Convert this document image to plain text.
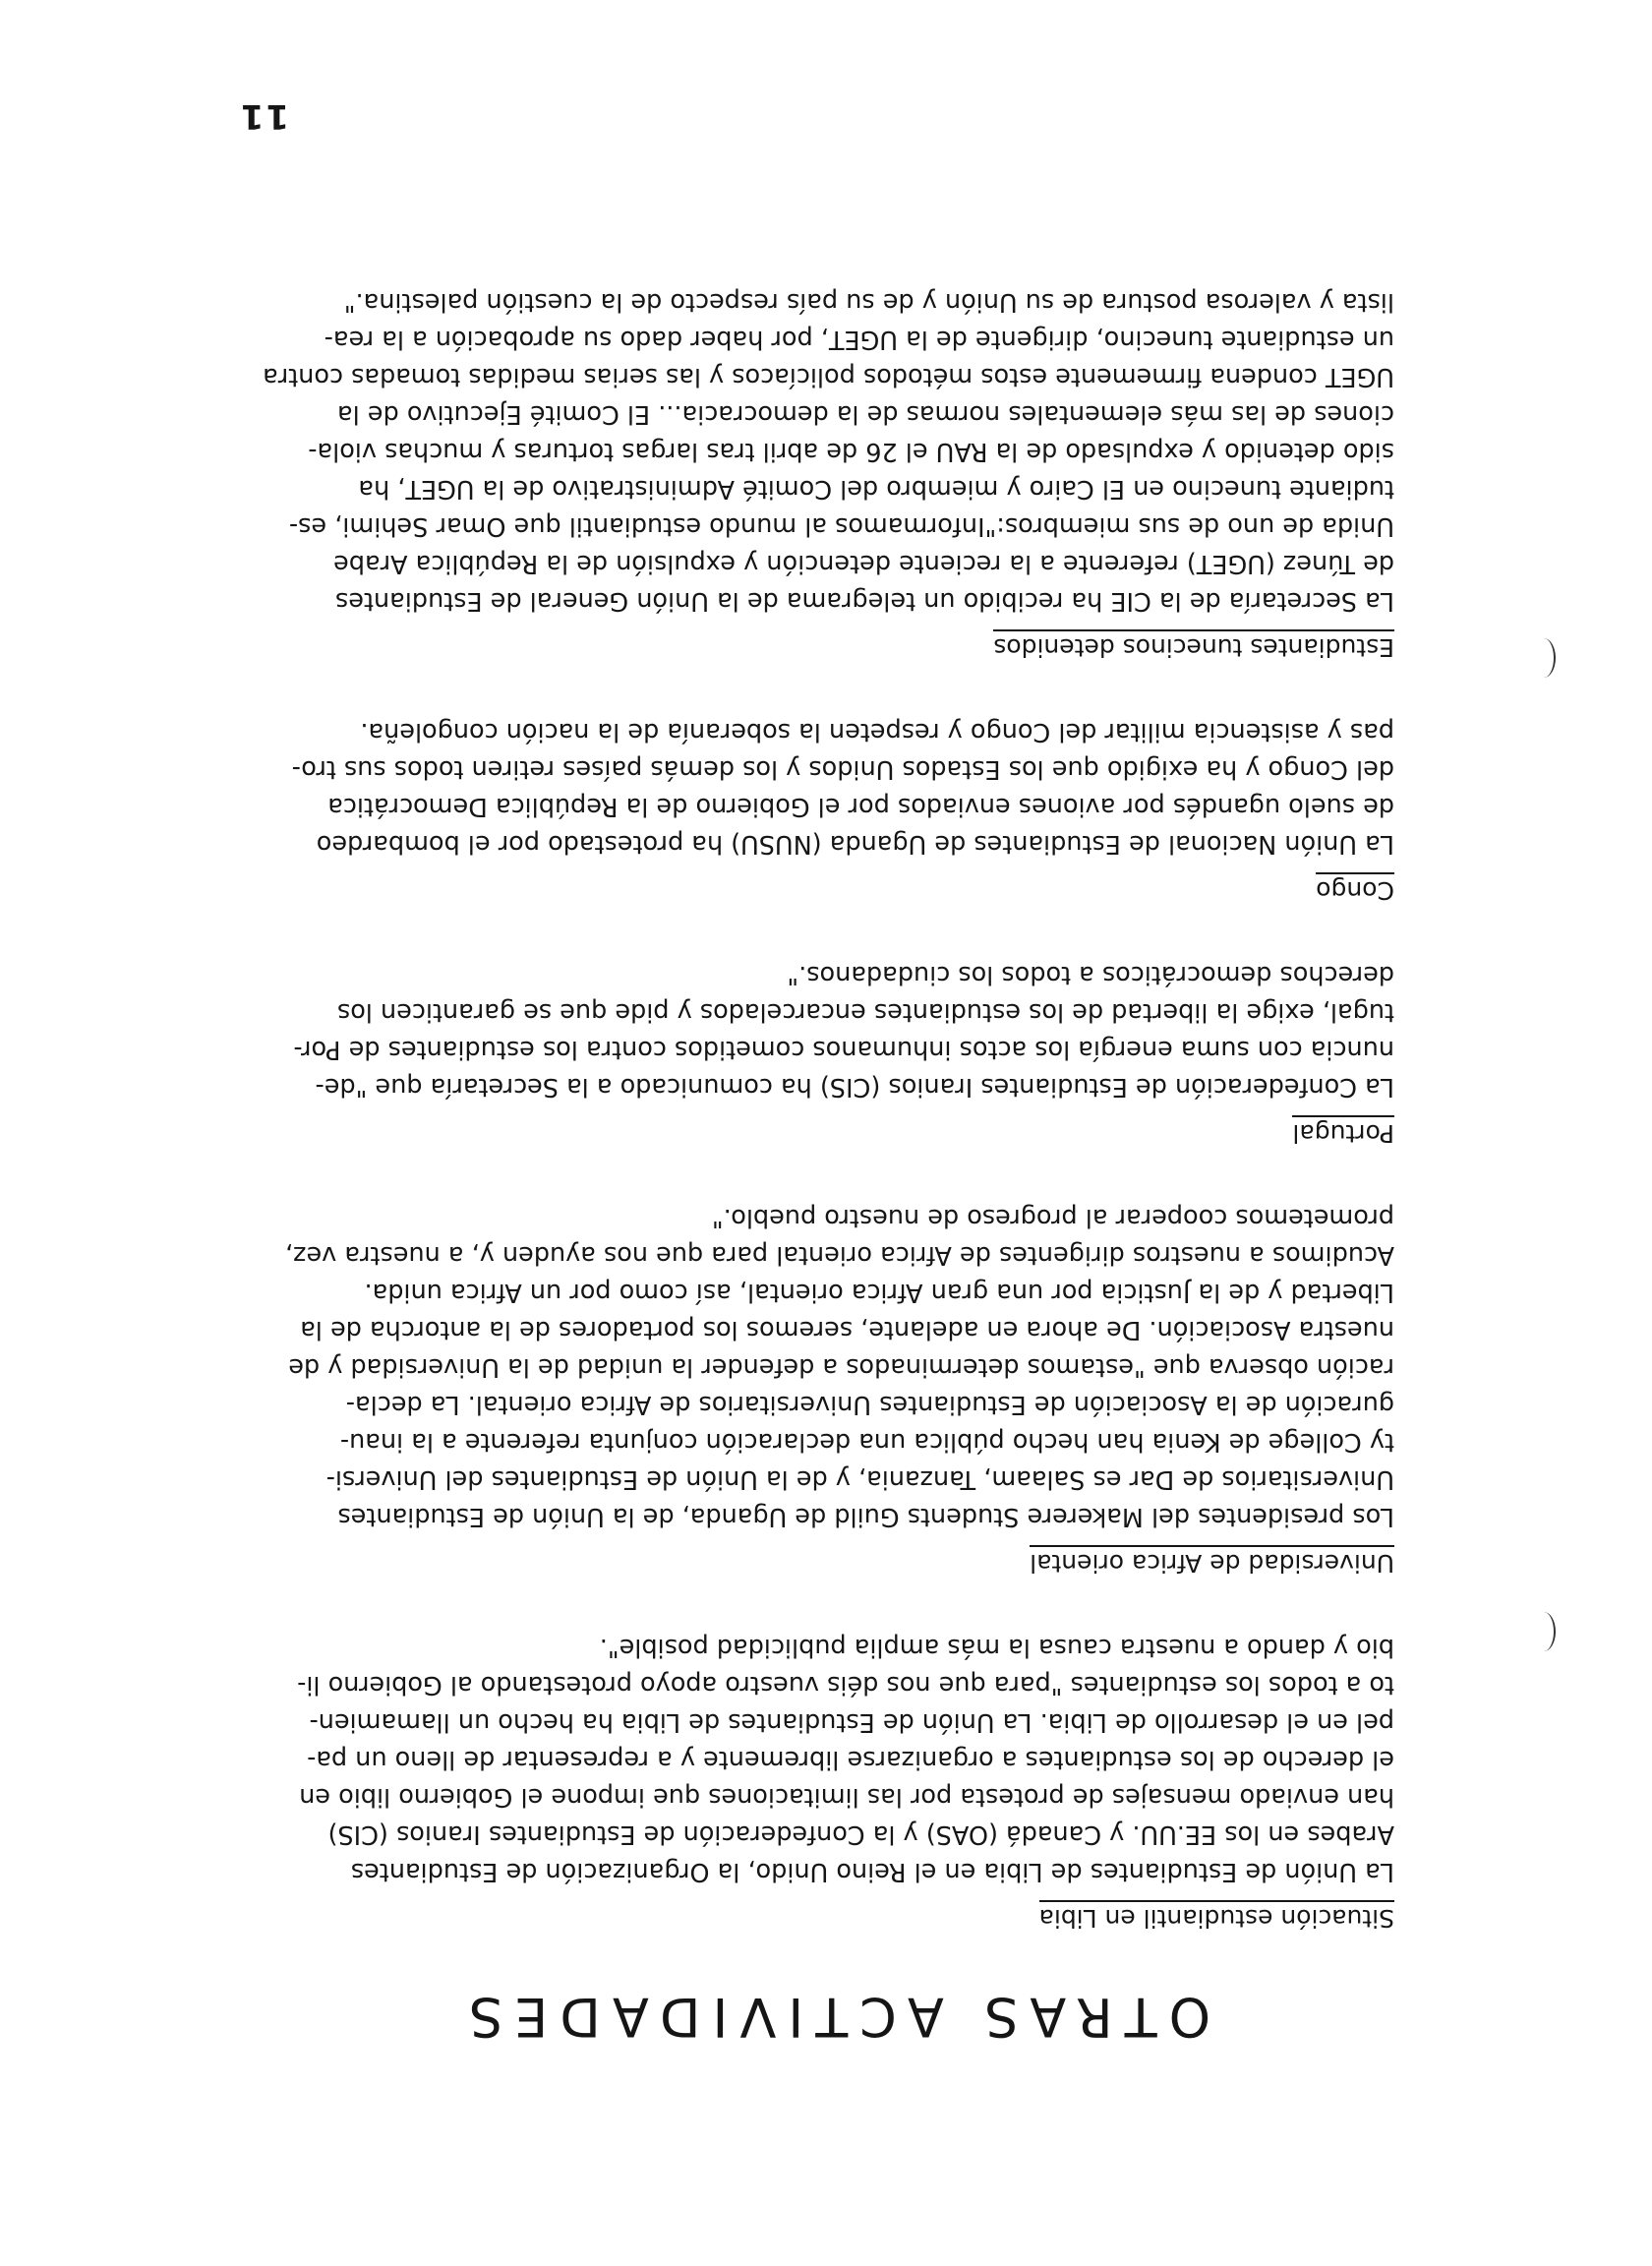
OTRAS ACTIVIDADES
Situación estudiantil en Libia

La Unión de Estudiantes de Libia en el Reino Unido, la Organización de Estudiantes
Arabes en los EE.UU. y Canadá (OAS) y la Confederación de Estudiantes Iranios (CIS)
han enviado mensajes de protesta por las limitaciones que impone el Gobierno libio en
el derecho de los estudiantes a organizarse libremente y a representar de lleno un pa-
pel en el desarrollo de Libia. La Unión de Estudiantes de Libia ha hecho un llamamien-
to a todos los estudiantes "para que nos déis vuestro apoyo protestando al Gobierno li-
bio y dando a nuestra causa la más amplia publicidad posible".

Universidad de Africa oriental

Los presidentes del Makerere Students Guild de Uganda, de la Unión de Estudiantes
Universitarios de Dar es Salaam, Tanzania, y de la Unión de Estudiantes del Universi-
ty College de Kenia han hecho pública una declaración conjunta referente a la inau-
guración de la Asociación de Estudiantes Universitarios de Africa oriental. La decla-
ración observa que "estamos determinados a defender la unidad de la Universidad y de
nuestra Asociación. De ahora en adelante, seremos los portadores de la antorcha de la
Libertad y de la Justicia por una gran Africa oriental, así como por un Africa unida.
Acudimos a nuestros dirigentes de Africa oriental para que nos ayuden y, a nuestra vez,
prometemos cooperar al progreso de nuestro pueblo."

Portugal

La Confederación de Estudiantes Iranios (CIS) ha comunicado a la Secretaría que "de-
nuncia con suma energía los actos inhumanos cometidos contra los estudiantes de Por-
tugal, exige la libertad de los estudiantes encarcelados y pide que se garanticen los
derechos democráticos a todos los ciudadanos."

Congo

La Unión Nacional de Estudiantes de Uganda (NUSU) ha protestado por el bombardeo
de suelo ugandés por aviones enviados por el Gobierno de la República Democrática
del Congo y ha exigido que los Estados Unidos y los demás países retiren todos sus tro-
pas y asistencia militar del Congo y respeten la soberanía de la nación congoleña.

Estudiantes tunecinos detenidos

La Secretaría de la CIE ha recibido un telegrama de la Unión General de Estudiantes
de Túnez (UGET) referente a la reciente detención y expulsión de la República Arabe
Unida de uno de sus miembros:"Informamos al mundo estudiantil que Omar Sehimi, es-
tudiante tunecino en El Cairo y miembro del Comité Administrativo de la UGET, ha
sido detenido y expulsado de la RAU el 26 de abril tras largas torturas y muchas viola-
ciones de las más elementales normas de la democracia... El Comité Ejecutivo de la
UGET condena firmemente estos métodos policíacos y las serias medidas tomadas contra
un estudiante tunecino, dirigente de la UGET, por haber dado su aprobación a la rea-
lista y valerosa postura de su Unión y de su país respecto de la cuestión palestina."

11
